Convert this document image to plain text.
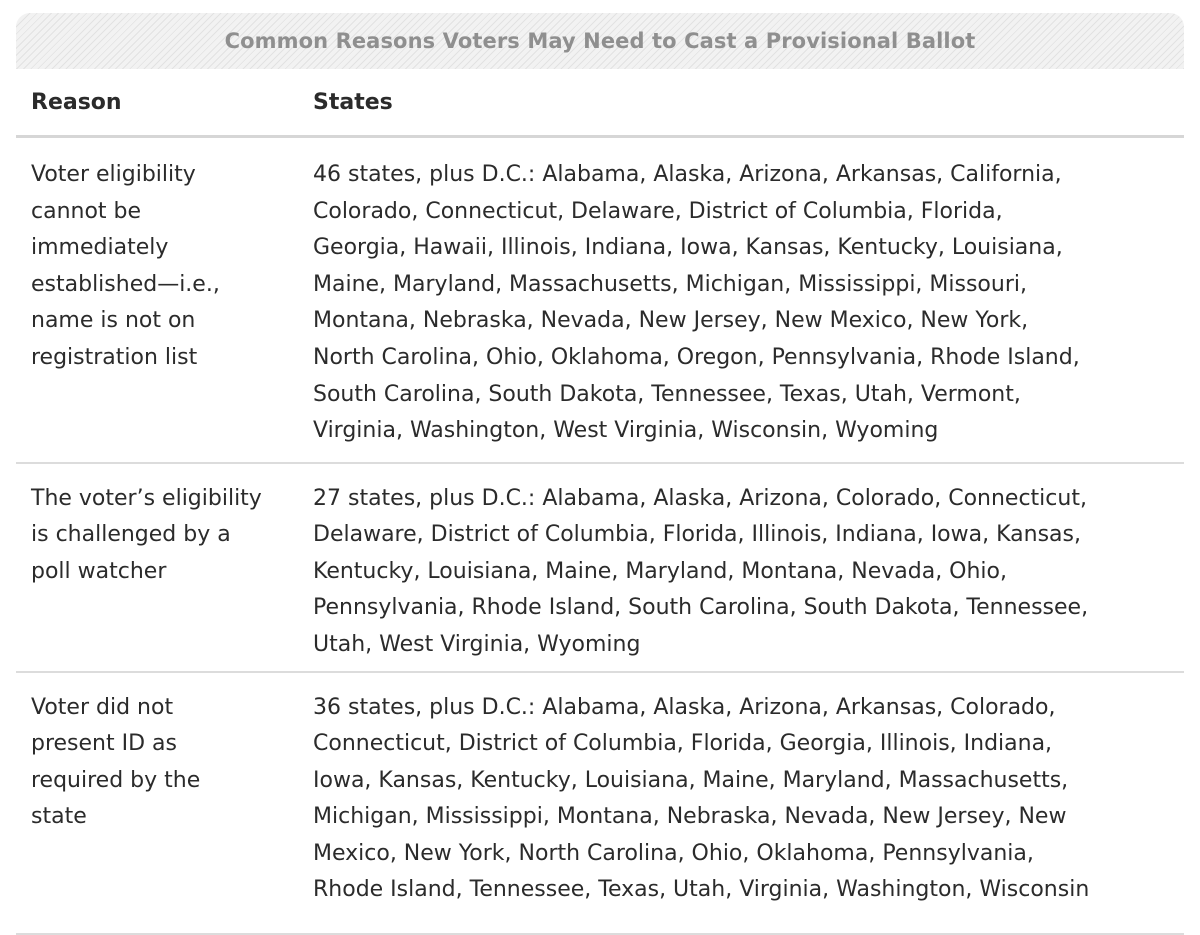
Common Reasons Voters May Need to Cast a Provisional Ballot
Reason	States
Voter eligibility
cannot be
immediately
established—i.e.,
name is not on
registration list
46 states, plus D.C.: Alabama, Alaska, Arizona, Arkansas, California,
Colorado, Connecticut, Delaware, District of Columbia, Florida,
Georgia, Hawaii, Illinois, Indiana, Iowa, Kansas, Kentucky, Louisiana,
Maine, Maryland, Massachusetts, Michigan, Mississippi, Missouri,
Montana, Nebraska, Nevada, New Jersey, New Mexico, New York,
North Carolina, Ohio, Oklahoma, Oregon, Pennsylvania, Rhode Island,
South Carolina, South Dakota, Tennessee, Texas, Utah, Vermont,
Virginia, Washington, West Virginia, Wisconsin, Wyoming
The voter’s eligibility
is challenged by a
poll watcher
27 states, plus D.C.: Alabama, Alaska, Arizona, Colorado, Connecticut,
Delaware, District of Columbia, Florida, Illinois, Indiana, Iowa, Kansas,
Kentucky, Louisiana, Maine, Maryland, Montana, Nevada, Ohio,
Pennsylvania, Rhode Island, South Carolina, South Dakota, Tennessee,
Utah, West Virginia, Wyoming
Voter did not
present ID as
required by the
state
36 states, plus D.C.: Alabama, Alaska, Arizona, Arkansas, Colorado,
Connecticut, District of Columbia, Florida, Georgia, Illinois, Indiana,
Iowa, Kansas, Kentucky, Louisiana, Maine, Maryland, Massachusetts,
Michigan, Mississippi, Montana, Nebraska, Nevada, New Jersey, New
Mexico, New York, North Carolina, Ohio, Oklahoma, Pennsylvania,
Rhode Island, Tennessee, Texas, Utah, Virginia, Washington, Wisconsin
